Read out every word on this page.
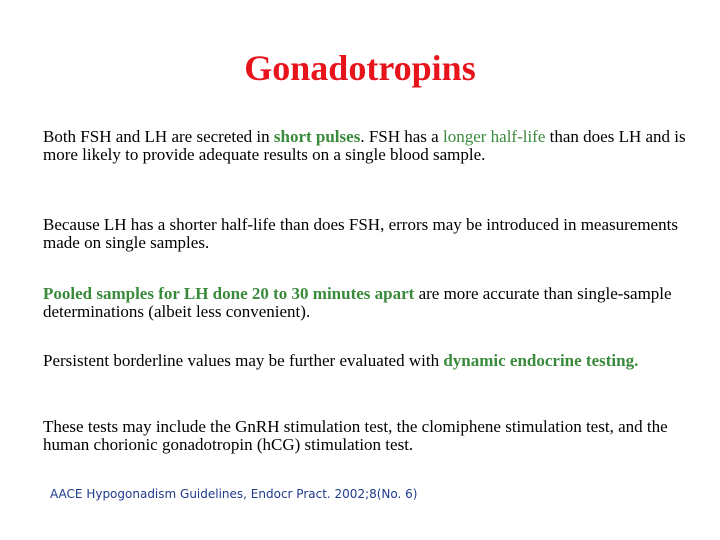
Gonadotropins

Both FSH and LH are secreted in short pulses. FSH has a longer half-life than does LH and is more likely to provide adequate results on a single blood sample.

Because LH has a shorter half-life than does FSH, errors may be introduced in measurements made on single samples.

Pooled samples for LH done 20 to 30 minutes apart are more accurate than single-sample determinations (albeit less convenient).

Persistent borderline values may be further evaluated with dynamic endocrine testing.

These tests may include the GnRH stimulation test, the clomiphene stimulation test, and the human chorionic gonadotropin (hCG) stimulation test.

AACE Hypogonadism Guidelines, Endocr Pract. 2002;8(No. 6)
